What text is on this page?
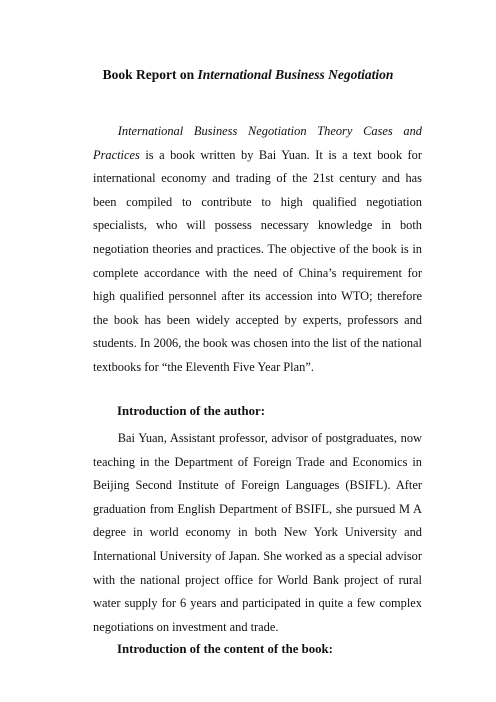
Book Report on International Business Negotiation

International Business Negotiation Theory Cases and Practices is a book written by Bai Yuan. It is a text book for international economy and trading of the 21st century and has been compiled to contribute to high qualified negotiation specialists, who will possess necessary knowledge in both negotiation theories and practices. The objective of the book is in complete accordance with the need of China’s requirement for high qualified personnel after its accession into WTO; therefore the book has been widely accepted by experts, professors and students. In 2006, the book was chosen into the list of the national textbooks for “the Eleventh Five Year Plan”.

Introduction of the author:

Bai Yuan, Assistant professor, advisor of postgraduates, now teaching in the Department of Foreign Trade and Economics in Beijing Second Institute of Foreign Languages (BSIFL). After graduation from English Department of BSIFL, she pursued M A degree in world economy in both New York University and International University of Japan. She worked as a special advisor with the national project office for World Bank project of rural water supply for 6 years and participated in quite a few complex negotiations on investment and trade.

Introduction of the content of the book:
